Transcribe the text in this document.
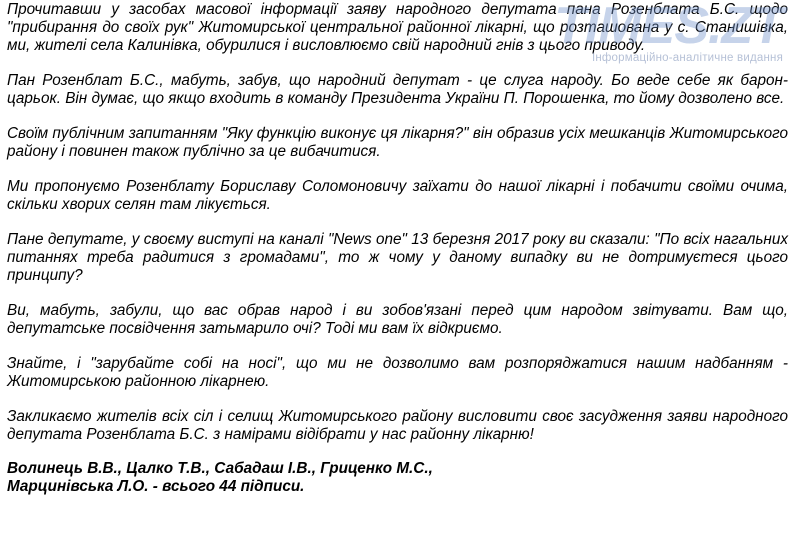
Прочитавши у засобах масової інформації заяву народного депутата пана Розенблата Б.С. щодо "прибирання до своїх рук" Житомирської центральної районної лікарні, що розташована у с. Станишівка, ми, жителі села Калинівка, обурилися і висловлюємо свій народний гнів з цього приводу.

Пан Розенблат Б.С., мабуть, забув, що народний депутат - це слуга народу. Бо веде себе як барон-царьок. Він думає, що якщо входить в команду Президента України П. Порошенка, то йому дозволено все.

Своїм публічним запитанням "Яку функцію виконує ця лікарня?" він образив усіх мешканців Житомирського району і повинен також публічно за це вибачитися.

Ми пропонуємо Розенблату Бориславу Соломоновичу заїхати до нашої лікарні і побачити своїми очима, скільки хворих селян там лікується.

Пане депутате, у своєму виступі на каналі "News one" 13 березня 2017 року ви сказали: "По всіх нагальних питаннях треба радитися з громадами", то ж чому у даному випадку ви не дотримуєтеся цього принципу?

Ви, мабуть, забули, що вас обрав народ і ви зобов'язані перед цим народом звітувати. Вам що, депутатське посвідчення затьмарило очі? Тоді ми вам їх відкриємо.

Знайте, і "зарубайте собі на носі", що ми не дозволимо вам розпоряджатися нашим надбанням - Житомирською районною лікарнею.

Закликаємо жителів всіх сіл і селищ Житомирського району висловити своє засудження заяви народного депутата Розенблата Б.С. з намірами відібрати у нас районну лікарню!

Волинець В.В., Цалко Т.В., Сабадаш І.В., Гриценко М.С.,
Марцинівська Л.О. - всього 44 підписи.

TIMES.ZT
Інформаційно-аналітичне видання
